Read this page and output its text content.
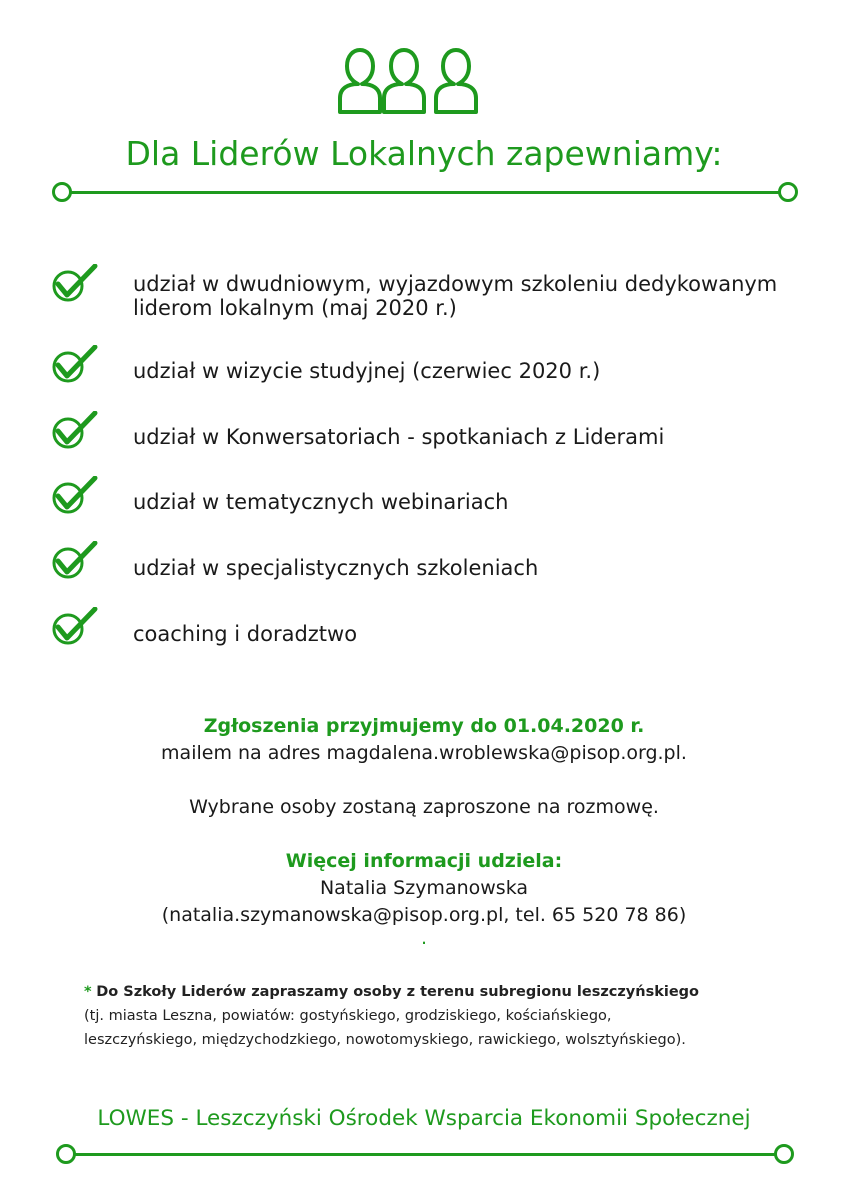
Dla Liderów Lokalnych zapewniamy:
udział w dwudniowym, wyjazdowym szkoleniu dedykowanym liderom lokalnym (maj 2020 r.)
udział w wizycie studyjnej (czerwiec 2020 r.)
udział w Konwersatoriach - spotkaniach z Liderami
udział w tematycznych webinariach
udział w specjalistycznych szkoleniach
coaching i doradztwo
Zgłoszenia przyjmujemy do 01.04.2020 r.
mailem na adres magdalena.wroblewska@pisop.org.pl.
Wybrane osoby zostaną zaproszone na rozmowę.
Więcej informacji udziela:
Natalia Szymanowska
(natalia.szymanowska@pisop.org.pl, tel. 65 520 78 86)
.
* Do Szkoły Liderów zapraszamy osoby z terenu subregionu leszczyńskiego
(tj. miasta Leszna, powiatów: gostyńskiego, grodziskiego, kościańskiego,
leszczyńskiego, międzychodzkiego, nowotomyskiego, rawickiego, wolsztyńskiego).
LOWES - Leszczyński Ośrodek Wsparcia Ekonomii Społecznej
